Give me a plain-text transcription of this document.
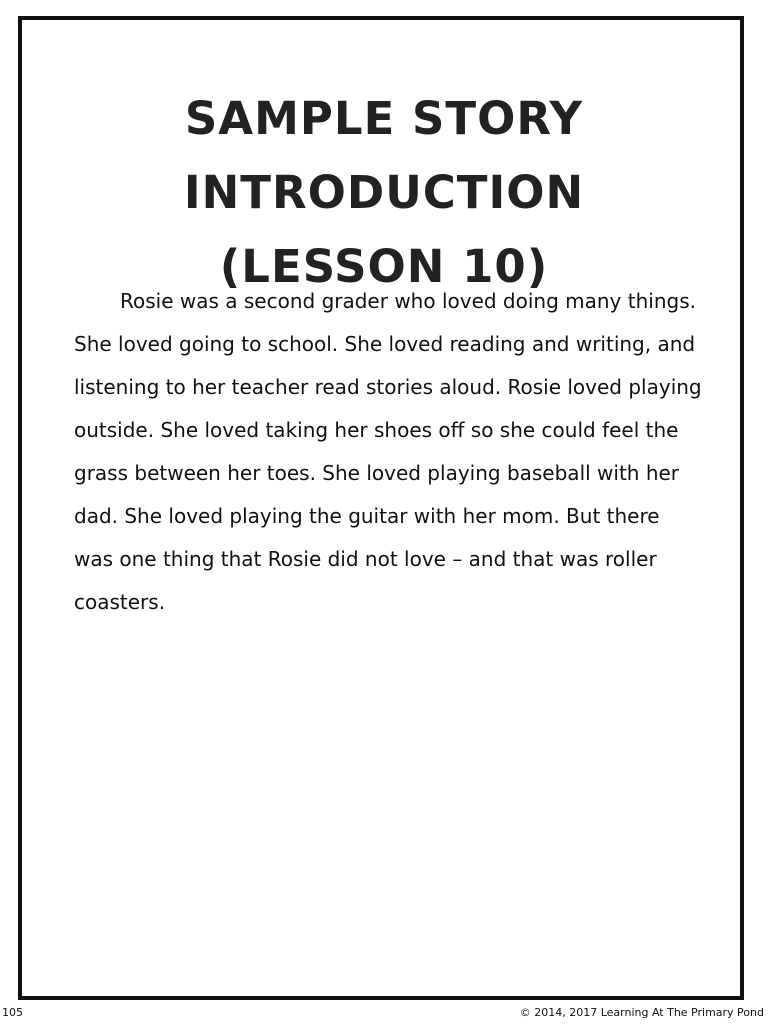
SAMPLE STORY INTRODUCTION
(LESSON 10)

Rosie was a second grader who loved doing many things.
She loved going to school. She loved reading and writing, and
listening to her teacher read stories aloud. Rosie loved playing
outside. She loved taking her shoes off so she could feel the
grass between her toes. She loved playing baseball with her
dad. She loved playing the guitar with her mom. But there
was one thing that Rosie did not love – and that was roller
coasters.

105	© 2014, 2017 Learning At The Primary Pond
